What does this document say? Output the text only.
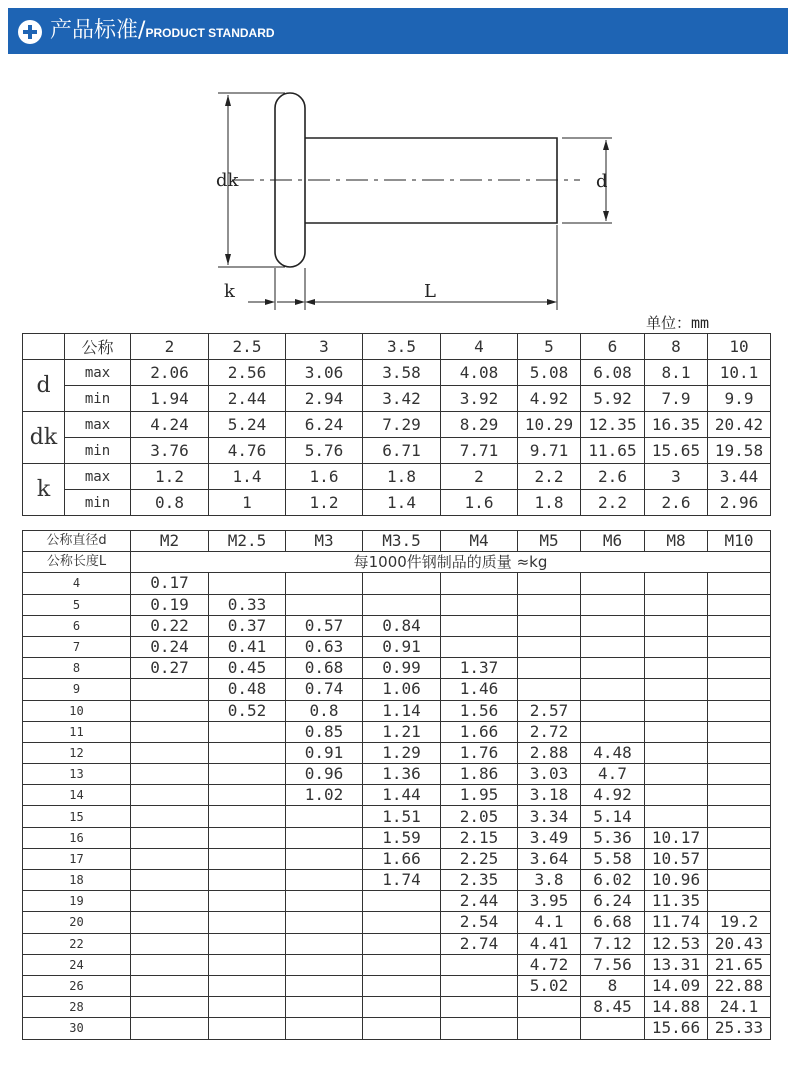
产品标准/PRODUCT STANDARD
dk	d
k	L
单位：mm
	公称	2	2.5	3	3.5	4	5	6	8	10
d	max	2.06	2.56	3.06	3.58	4.08	5.08	6.08	8.1	10.1
	min	1.94	2.44	2.94	3.42	3.92	4.92	5.92	7.9	9.9
dk	max	4.24	5.24	6.24	7.29	8.29	10.29	12.35	16.35	20.42
	min	3.76	4.76	5.76	6.71	7.71	9.71	11.65	15.65	19.58
k	max	1.2	1.4	1.6	1.8	2	2.2	2.6	3	3.44
	min	0.8	1	1.2	1.4	1.6	1.8	2.2	2.6	2.96
公称直径d	M2	M2.5	M3	M3.5	M4	M5	M6	M8	M10
公称长度L	每1000件钢制品的质量 ≈kg								
4	0.17								
5	0.19	0.33							
6	0.22	0.37	0.57	0.84					
7	0.24	0.41	0.63	0.91					
8	0.27	0.45	0.68	0.99	1.37				
9		0.48	0.74	1.06	1.46				
10		0.52	0.8	1.14	1.56	2.57			
11			0.85	1.21	1.66	2.72			
12			0.91	1.29	1.76	2.88	4.48		
13			0.96	1.36	1.86	3.03	4.7		
14			1.02	1.44	1.95	3.18	4.92		
15				1.51	2.05	3.34	5.14		
16				1.59	2.15	3.49	5.36	10.17	
17				1.66	2.25	3.64	5.58	10.57	
18				1.74	2.35	3.8	6.02	10.96	
19					2.44	3.95	6.24	11.35	
20					2.54	4.1	6.68	11.74	19.2
22					2.74	4.41	7.12	12.53	20.43
24						4.72	7.56	13.31	21.65
26						5.02	8	14.09	22.88
28							8.45	14.88	24.1
30								15.66	25.33
